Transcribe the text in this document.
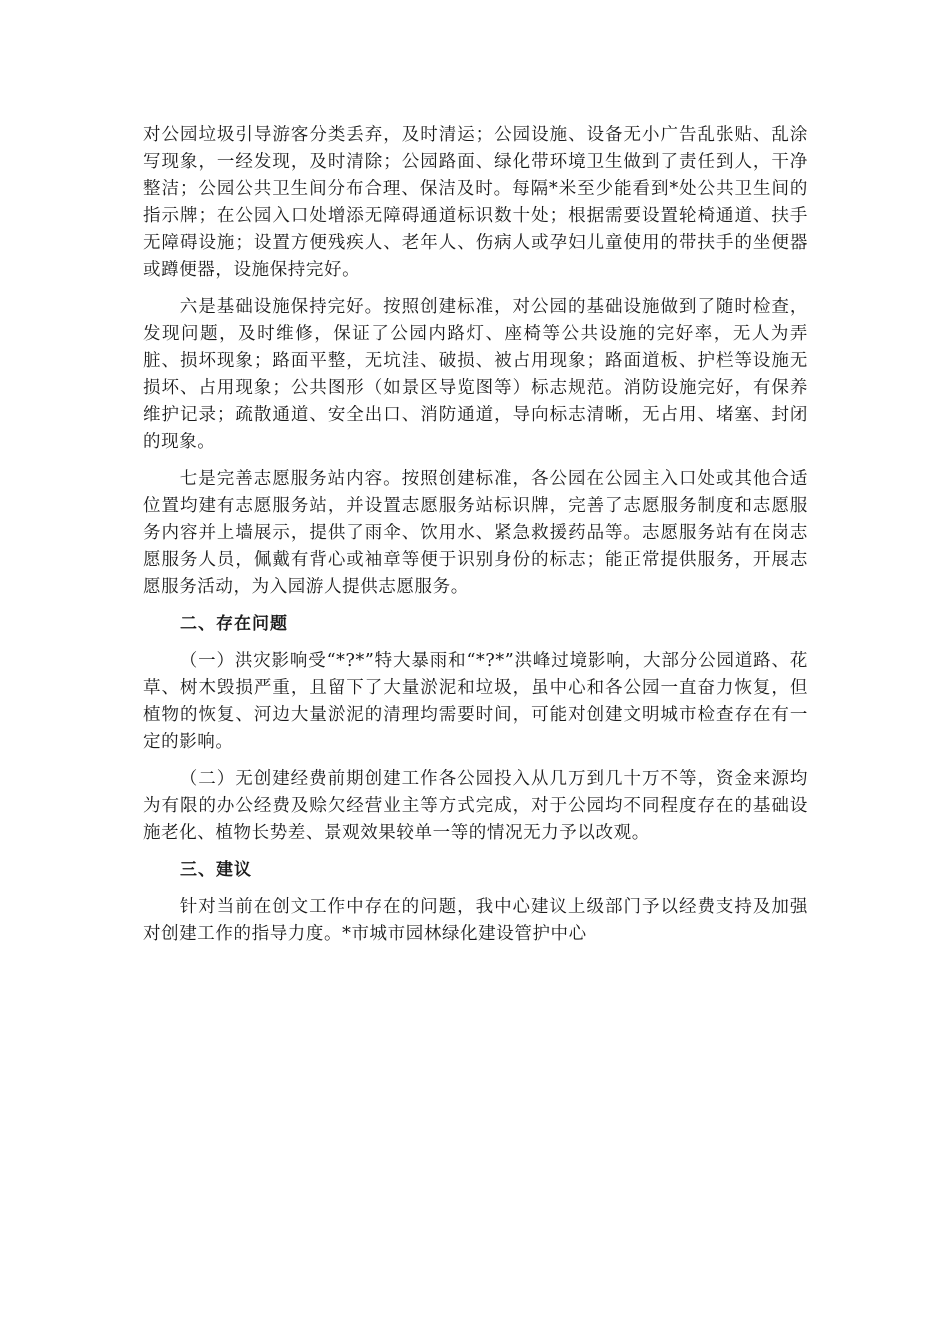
对公园垃圾引导游客分类丢弃，及时清运；公园设施、设备无小广告乱张贴、乱涂写现象，一经发现，及时清除；公园路面、绿化带环境卫生做到了责任到人，干净整洁；公园公共卫生间分布合理、保洁及时。每隔*米至少能看到*处公共卫生间的指示牌；在公园入口处增添无障碍通道标识数十处；根据需要设置轮椅通道、扶手无障碍设施；设置方便残疾人、老年人、伤病人或孕妇儿童使用的带扶手的坐便器或蹲便器，设施保持完好。

六是基础设施保持完好。按照创建标准，对公园的基础设施做到了随时检查，发现问题，及时维修，保证了公园内路灯、座椅等公共设施的完好率，无人为弄脏、损坏现象；路面平整，无坑洼、破损、被占用现象；路面道板、护栏等设施无损坏、占用现象；公共图形（如景区导览图等）标志规范。消防设施完好，有保养维护记录；疏散通道、安全出口、消防通道，导向标志清晰，无占用、堵塞、封闭的现象。

七是完善志愿服务站内容。按照创建标准，各公园在公园主入口处或其他合适位置均建有志愿服务站，并设置志愿服务站标识牌，完善了志愿服务制度和志愿服务内容并上墙展示，提供了雨伞、饮用水、紧急救援药品等。志愿服务站有在岗志愿服务人员，佩戴有背心或袖章等便于识别身份的标志；能正常提供服务，开展志愿服务活动，为入园游人提供志愿服务。

二、存在问题

（一）洪灾影响受“*?*”特大暴雨和“*?*”洪峰过境影响，大部分公园道路、花草、树木毁损严重，且留下了大量淤泥和垃圾，虽中心和各公园一直奋力恢复，但植物的恢复、河边大量淤泥的清理均需要时间，可能对创建文明城市检查存在有一定的影响。

（二）无创建经费前期创建工作各公园投入从几万到几十万不等，资金来源均为有限的办公经费及赊欠经营业主等方式完成，对于公园均不同程度存在的基础设施老化、植物长势差、景观效果较单一等的情况无力予以改观。

三、建议

针对当前在创文工作中存在的问题，我中心建议上级部门予以经费支持及加强对创建工作的指导力度。*市城市园林绿化建设管护中心
